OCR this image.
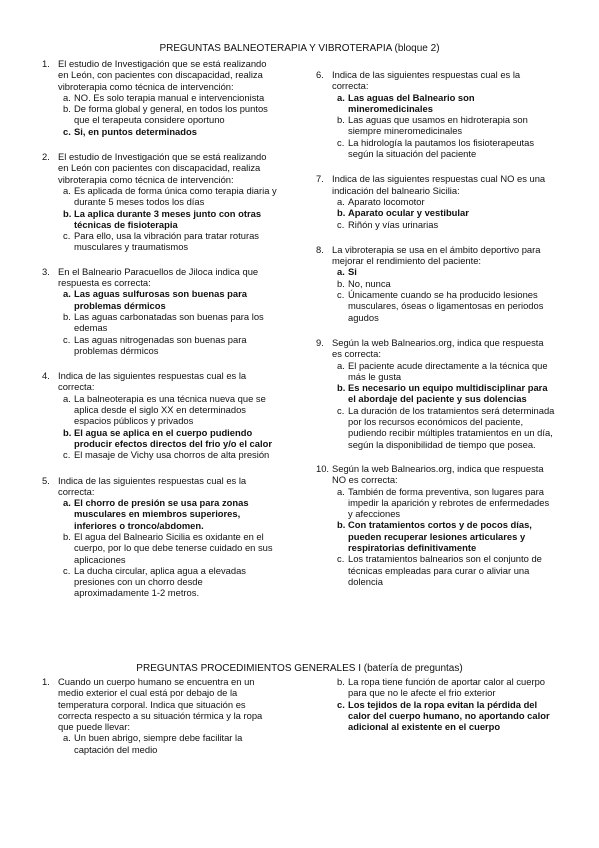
PREGUNTAS BALNEOTERAPIA Y VIBROTERAPIA (bloque 2)
1. El estudio de Investigación que se está realizando en León, con pacientes con discapacidad, realiza vibroterapia como técnica de intervención:
a. NO. Es solo terapia manual e intervencionista
b. De forma global y general, en todos los puntos que el terapeuta considere oportuno
c. Si, en puntos determinados
2. El estudio de Investigación que se está realizando en León con pacientes con discapacidad, realiza vibroterapia como técnica de intervención:
a. Es aplicada de forma única como terapia diaria y durante 5 meses todos los días
b. La aplica durante 3 meses junto con otras técnicas de fisioterapia
c. Para ello, usa la vibración para tratar roturas musculares y traumatismos
3. En el Balneario Paracuellos de Jiloca indica que respuesta es correcta:
a. Las aguas sulfurosas son buenas para problemas dérmicos
b. Las aguas carbonatadas son buenas para los edemas
c. Las aguas nitrogenadas son buenas para problemas dérmicos
4. Indica de las siguientes respuestas cual es la correcta:
a. La balneoterapia es una técnica nueva que se aplica desde el siglo XX en determinados espacios públicos y privados
b. El agua se aplica en el cuerpo pudiendo producir efectos directos del frio y/o el calor
c. El masaje de Vichy usa chorros de alta presión
5. Indica de las siguientes respuestas cual es la correcta:
a. El chorro de presión se usa para zonas musculares en miembros superiores, inferiores o tronco/abdomen.
b. El agua del Balneario Sicilia es oxidante en el cuerpo, por lo que debe tenerse cuidado en sus aplicaciones
c. La ducha circular, aplica agua a elevadas presiones con un chorro desde aproximadamente 1-2 metros.
6. Indica de las siguientes respuestas cual es la correcta:
a. Las aguas del Balneario son mineromedicinales
b. Las aguas que usamos en hidroterapia son siempre mineromedicinales
c. La hidrología la pautamos los fisioterapeutas según la situación del paciente
7. Indica de las siguientes respuestas cual NO es una indicación del balneario Sicilia:
a. Aparato locomotor
b. Aparato ocular y vestibular
c. Riñón y vías urinarias
8. La vibroterapia se usa en el ámbito deportivo para mejorar el rendimiento del paciente:
a. Si
b. No, nunca
c. Únicamente cuando se ha producido lesiones musculares, óseas o ligamentosas en periodos agudos
9. Según la web Balnearios.org, indica que respuesta es correcta:
a. El paciente acude directamente a la técnica que más le gusta
b. Es necesario un equipo multidisciplinar para el abordaje del paciente y sus dolencias
c. La duración de los tratamientos será determinada por los recursos económicos del paciente, pudiendo recibir múltiples tratamientos en un día, según la disponibilidad de tiempo que posea.
10. Según la web Balnearios.org, indica que respuesta NO es correcta:
a. También de forma preventiva, son lugares para impedir la aparición y rebrotes de enfermedades y afecciones
b. Con tratamientos cortos y de pocos días, pueden recuperar lesiones articulares y respiratorias definitivamente
c. Los tratamientos balnearios son el conjunto de técnicas empleadas para curar o aliviar una dolencia
PREGUNTAS PROCEDIMIENTOS GENERALES I (batería de preguntas)
1. Cuando un cuerpo humano se encuentra en un medio exterior el cual está por debajo de la temperatura corporal. Indica que situación es correcta respecto a su situación térmica y la ropa que puede llevar:
a. Un buen abrigo, siempre debe facilitar la captación del medio
b. La ropa tiene función de aportar calor al cuerpo para que no le afecte el frio exterior
c. Los tejidos de la ropa evitan la pérdida del calor del cuerpo humano, no aportando calor adicional al existente en el cuerpo
